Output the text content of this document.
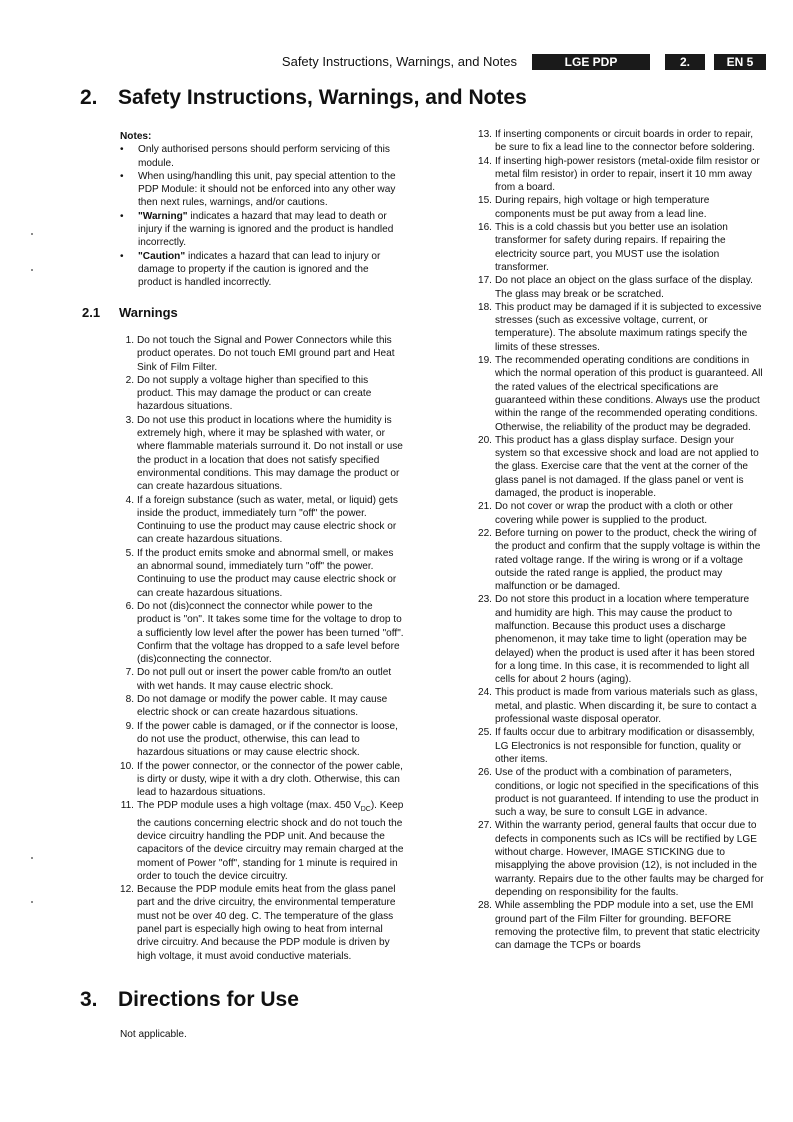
Safety Instructions, Warnings, and Notes	LGE PDP	2.	EN 5
2. Safety Instructions, Warnings, and Notes
Notes:
• Only authorised persons should perform servicing of this module.
• When using/handling this unit, pay special attention to the PDP Module: it should not be enforced into any other way then next rules, warnings, and/or cautions.
• "Warning" indicates a hazard that may lead to death or injury if the warning is ignored and the product is handled incorrectly.
• "Caution" indicates a hazard that can lead to injury or damage to property if the caution is ignored and the product is handled incorrectly.
2.1 Warnings
1. Do not touch the Signal and Power Connectors while this product operates. Do not touch EMI ground part and Heat Sink of Film Filter.
2. Do not supply a voltage higher than specified to this product. This may damage the product or can create hazardous situations.
3. Do not use this product in locations where the humidity is extremely high, where it may be splashed with water, or where flammable materials surround it. Do not install or use the product in a location that does not satisfy specified environmental conditions. This may damage the product or can create hazardous situations.
4. If a foreign substance (such as water, metal, or liquid) gets inside the product, immediately turn "off" the power. Continuing to use the product may cause electric shock or can create hazardous situations.
5. If the product emits smoke and abnormal smell, or makes an abnormal sound, immediately turn "off" the power. Continuing to use the product may cause electric shock or can create hazardous situations.
6. Do not (dis)connect the connector while power to the product is "on". It takes some time for the voltage to drop to a sufficiently low level after the power has been turned "off". Confirm that the voltage has dropped to a safe level before (dis)connecting the connector.
7. Do not pull out or insert the power cable from/to an outlet with wet hands. It may cause electric shock.
8. Do not damage or modify the power cable. It may cause electric shock or can create hazardous situations.
9. If the power cable is damaged, or if the connector is loose, do not use the product, otherwise, this can lead to hazardous situations or may cause electric shock.
10. If the power connector, or the connector of the power cable, is dirty or dusty, wipe it with a dry cloth. Otherwise, this can lead to hazardous situations.
11. The PDP module uses a high voltage (max. 450 $V_{DC}$). Keep the cautions concerning electric shock and do not touch the device circuitry handling the PDP unit. And because the capacitors of the device circuitry may remain charged at the moment of Power "off", standing for 1 minute is required in order to touch the device circuitry.
12. Because the PDP module emits heat from the glass panel part and the drive circuitry, the environmental temperature must not be over 40 deg. C. The temperature of the glass panel part is especially high owing to heat from internal drive circuitry. And because the PDP module is driven by high voltage, it must avoid conductive materials.
13. If inserting components or circuit boards in order to repair, be sure to fix a lead line to the connector before soldering.
14. If inserting high-power resistors (metal-oxide film resistor or metal film resistor) in order to repair, insert it 10 mm away from a board.
15. During repairs, high voltage or high temperature components must be put away from a lead line.
16. This is a cold chassis but you better use an isolation transformer for safety during repairs. If repairing the electricity source part, you MUST use the isolation transformer.
17. Do not place an object on the glass surface of the display. The glass may break or be scratched.
18. This product may be damaged if it is subjected to excessive stresses (such as excessive voltage, current, or temperature). The absolute maximum ratings specify the limits of these stresses.
19. The recommended operating conditions are conditions in which the normal operation of this product is guaranteed. All the rated values of the electrical specifications are guaranteed within these conditions. Always use the product within the range of the recommended operating conditions. Otherwise, the reliability of the product may be degraded.
20. This product has a glass display surface. Design your system so that excessive shock and load are not applied to the glass. Exercise care that the vent at the corner of the glass panel is not damaged. If the glass panel or vent is damaged, the product is inoperable.
21. Do not cover or wrap the product with a cloth or other covering while power is supplied to the product.
22. Before turning on power to the product, check the wiring of the product and confirm that the supply voltage is within the rated voltage range. If the wiring is wrong or if a voltage outside the rated range is applied, the product may malfunction or be damaged.
23. Do not store this product in a location where temperature and humidity are high. This may cause the product to malfunction. Because this product uses a discharge phenomenon, it may take time to light (operation may be delayed) when the product is used after it has been stored for a long time. In this case, it is recommended to light all cells for about 2 hours (aging).
24. This product is made from various materials such as glass, metal, and plastic. When discarding it, be sure to contact a professional waste disposal operator.
25. If faults occur due to arbitrary modification or disassembly, LG Electronics is not responsible for function, quality or other items.
26. Use of the product with a combination of parameters, conditions, or logic not specified in the specifications of this product is not guaranteed. If intending to use the product in such a way, be sure to consult LGE in advance.
27. Within the warranty period, general faults that occur due to defects in components such as ICs will be rectified by LGE without charge. However, IMAGE STICKING due to misapplying the above provision (12), is not included in the warranty. Repairs due to the other faults may be charged for depending on responsibility for the faults.
28. While assembling the PDP module into a set, use the EMI ground part of the Film Filter for grounding. BEFORE removing the protective film, to prevent that static electricity can damage the TCPs or boards
3. Directions for Use
Not applicable.
